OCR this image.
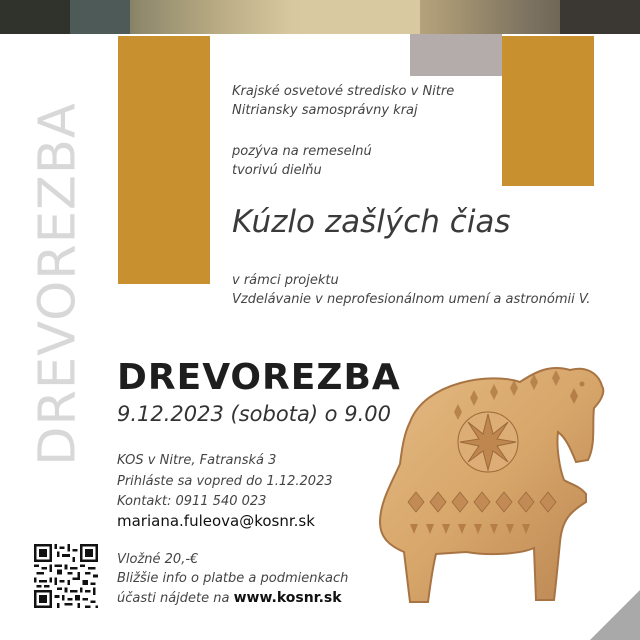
DREVOREZBA
Krajské osvetové stredisko v Nitre
Nitriansky samosprávny kraj
pozýva na remeselnú
tvorivú dielňu
Kúzlo zašlých čias
v rámci projektu
Vzdelávanie v neprofesionálnom umení a astronómii V.
DREVOREZBA
9.12.2023 (sobota) o 9.00
KOS v Nitre, Fatranská 3
Prihláste sa vopred do 1.12.2023
Kontakt: 0911 540 023
mariana.fuleova@kosnr.sk
Vložné 20,-€
Bližšie info o platbe a podmienkach
účasti nájdete na www.kosnr.sk
